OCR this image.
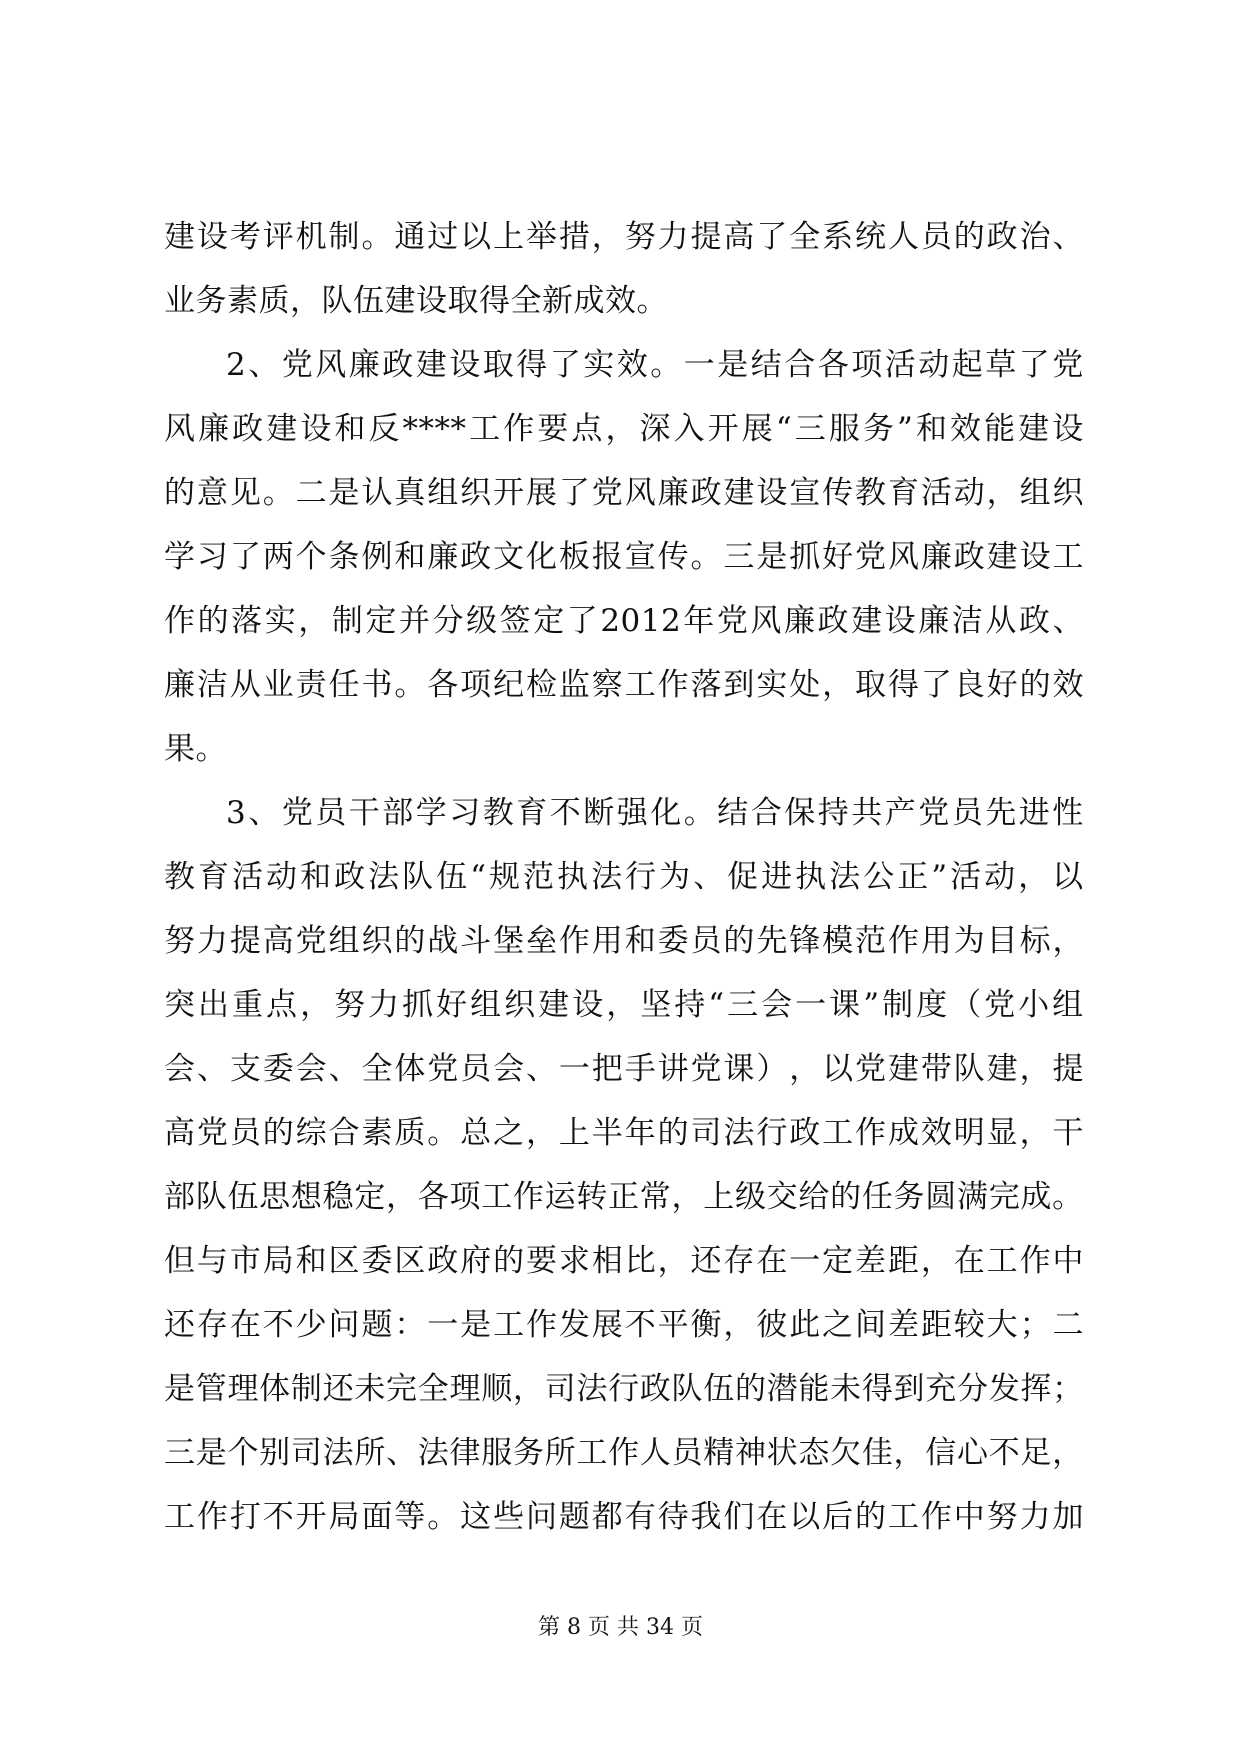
建 设 考 评 机 制 。 通 过 以 上 举 措 ， 努 力 提 高 了 全 系 统 人 员 的 政 治 、
业务素质，队伍建设取得全新成效。
2 、 党 风 廉 政 建 设 取 得 了 实 效 。 一 是 结 合 各 项 活 动 起 草 了 党
风 廉 政 建 设 和 反 **** 工 作 要 点 ， 深 入 开 展 “ 三 服 务 ” 和 效 能 建 设
的 意 见 。 二 是 认 真 组 织 开 展 了 党 风 廉 政 建 设 宣 传 教 育 活 动 ， 组 织
学 习 了 两 个 条 例 和 廉 政 文 化 板 报 宣 传 。 三 是 抓 好 党 风 廉 政 建 设 工
作 的 落 实 ， 制 定 并 分 级 签 定 了 2012 年 党 风 廉 政 建 设 廉 洁 从 政 、
廉 洁 从 业 责 任 书 。 各 项 纪 检 监 察 工 作 落 到 实 处 ， 取 得 了 良 好 的 效
果。
3 、 党 员 干 部 学 习 教 育 不 断 强 化 。 结 合 保 持 共 产 党 员 先 进 性
教 育 活 动 和 政 法 队 伍 “ 规 范 执 法 行 为 、 促 进 执 法 公 正 ” 活 动 ， 以
努 力 提 高 党 组 织 的 战 斗 堡 垒 作 用 和 委 员 的 先 锋 模 范 作 用 为 目 标 ，
突 出 重 点 ， 努 力 抓 好 组 织 建 设 ， 坚 持 “ 三 会 一 课 ” 制 度 （ 党 小 组
会 、 支 委 会 、 全 体 党 员 会 、 一 把 手 讲 党 课 ） ， 以 党 建 带 队 建 ， 提
高 党 员 的 综 合 素 质 。 总 之 ， 上 半 年 的 司 法 行 政 工 作 成 效 明 显 ， 干
部 队 伍 思 想 稳 定 ， 各 项 工 作 运 转 正 常 ， 上 级 交 给 的 任 务 圆 满 完 成 。
但 与 市 局 和 区 委 区 政 府 的 要 求 相 比 ， 还 存 在 一 定 差 距 ， 在 工 作 中
还 存 在 不 少 问 题 ： 一 是 工 作 发 展 不 平 衡 ， 彼 此 之 间 差 距 较 大 ； 二
是 管 理 体 制 还 未 完 全 理 顺 ， 司 法 行 政 队 伍 的 潜 能 未 得 到 充 分 发 挥 ；
三 是 个 别 司 法 所 、 法 律 服 务 所 工 作 人 员 精 神 状 态 欠 佳 ， 信 心 不 足 ，
工 作 打 不 开 局 面 等 。 这 些 问 题 都 有 待 我 们 在 以 后 的 工 作 中 努 力 加
第 8 页 共 34 页
